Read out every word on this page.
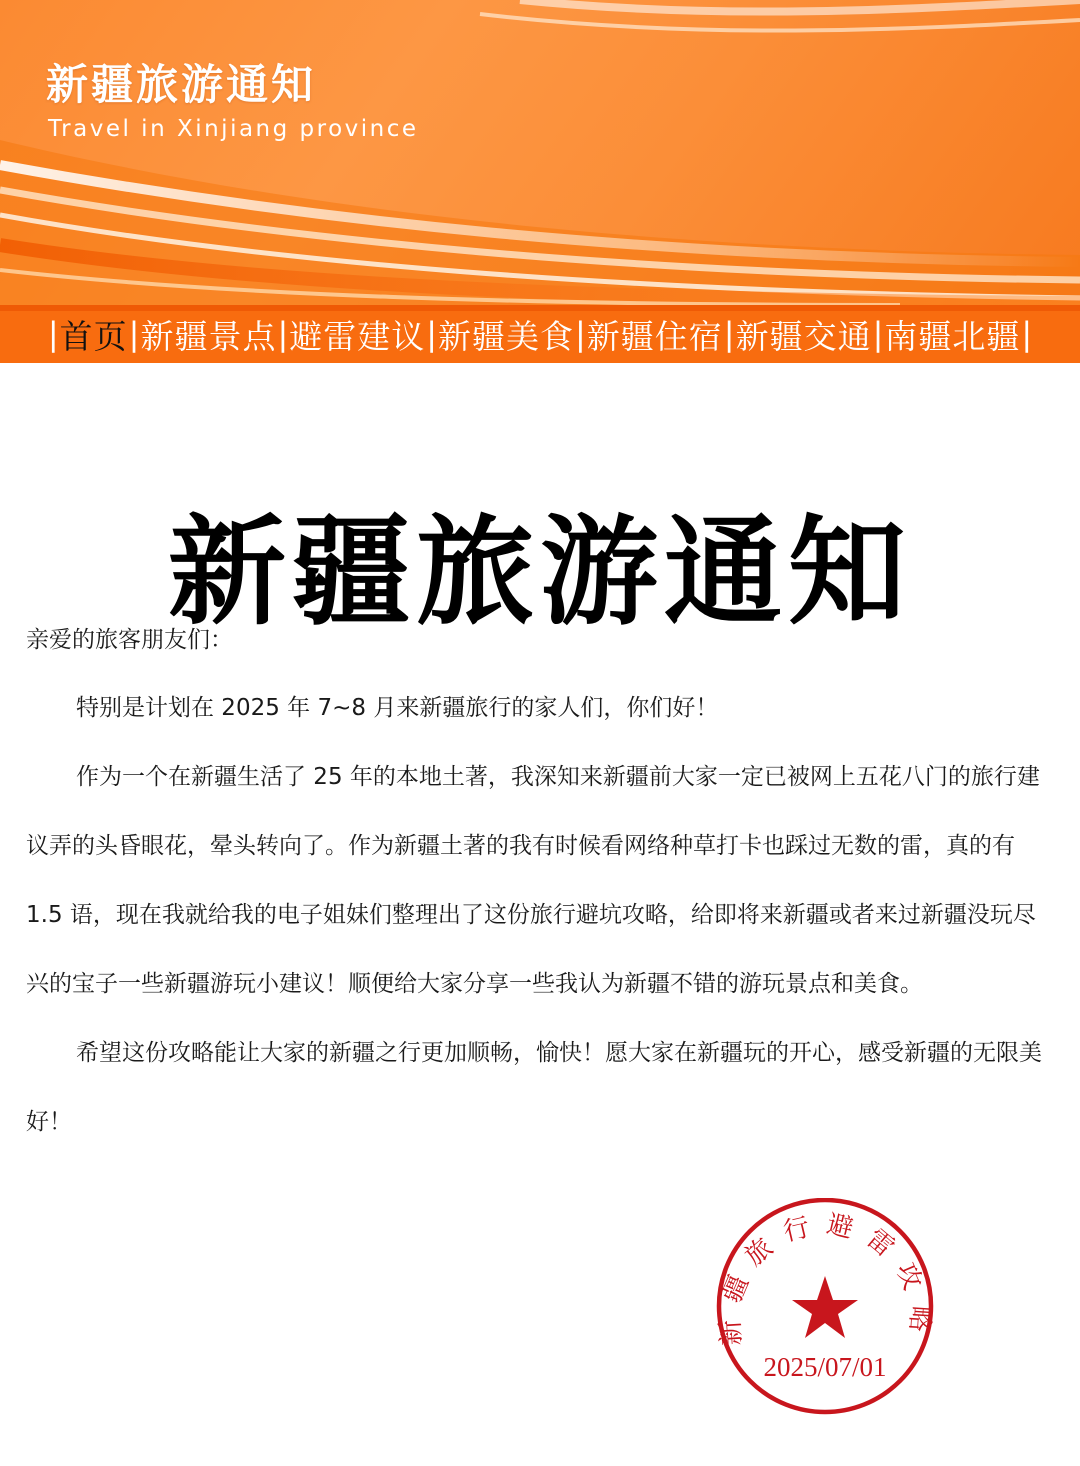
新疆旅游通知
Travel in Xinjiang province
| 首页 | 新疆景点 | 避雷建议 | 新疆美食 | 新疆住宿 | 新疆交通 | 南疆北疆 |
新疆旅游通知

亲爱的旅客朋友们：

特别是计划在 2025 年 7~8 月来新疆旅行的家人们，你们好！

作为一个在新疆生活了 25 年的本地土著，我深知来新疆前大家一定已被网上五花八门的旅行建议弄的头昏眼花，晕头转向了。作为新疆土著的我有时候看网络种草打卡也踩过无数的雷，真的有 1.5 语，现在我就给我的电子姐妹们整理出了这份旅行避坑攻略，给即将来新疆或者来过新疆没玩尽兴的宝子一些新疆游玩小建议！顺便给大家分享一些我认为新疆不错的游玩景点和美食。

希望这份攻略能让大家的新疆之行更加顺畅，愉快！愿大家在新疆玩的开心，感受新疆的无限美好！

新疆旅行避雷攻略
2025/07/01
